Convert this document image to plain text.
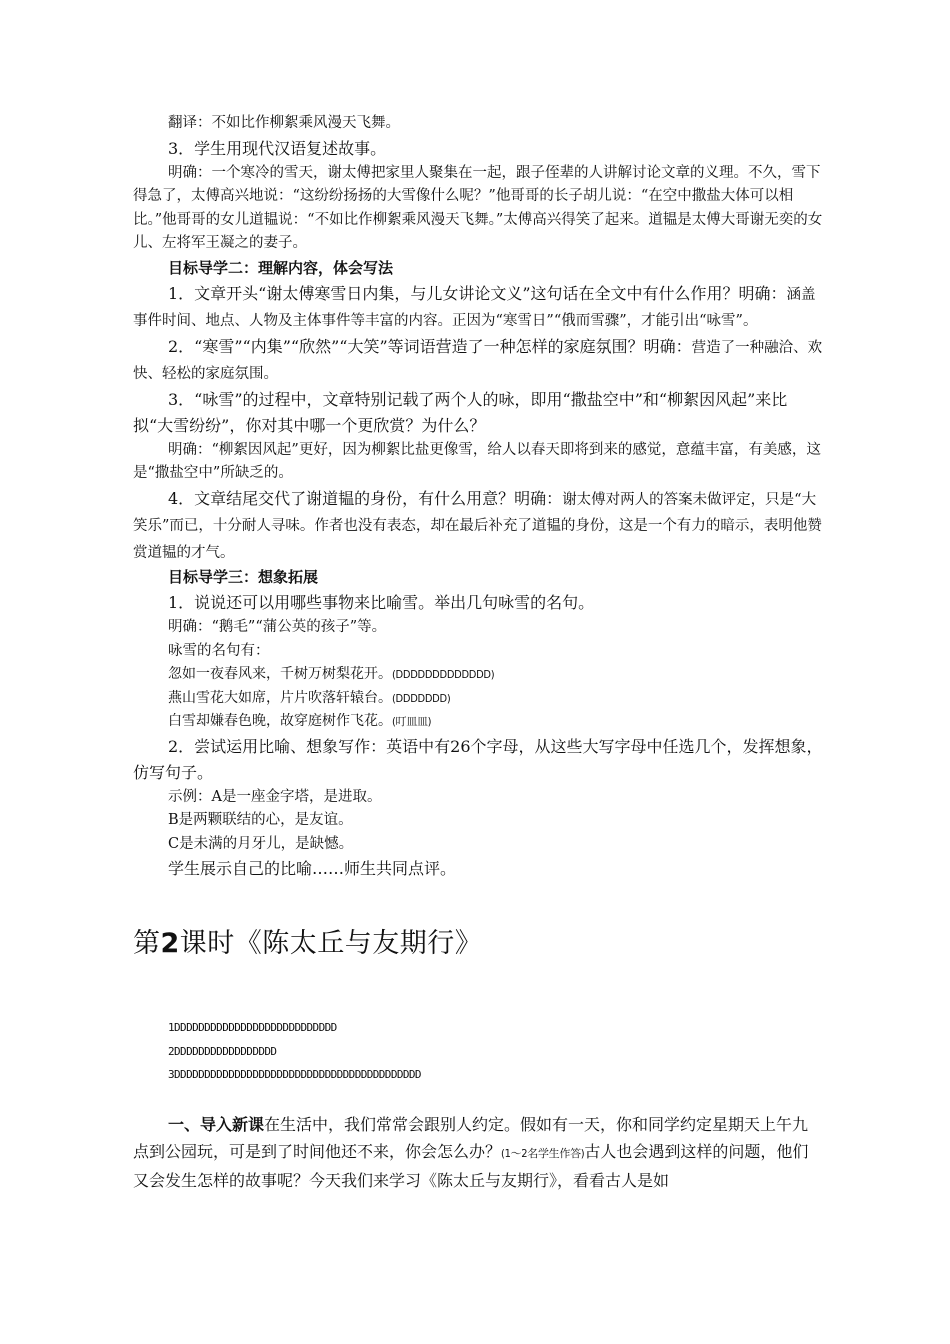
翻译：不如比作柳絮乘风漫天飞舞。

3．学生用现代汉语复述故事。

明确：一个寒冷的雪天，谢太傅把家里人聚集在一起，跟子侄辈的人讲解讨论文章的义理。不久，雪下得急了，太傅高兴地说：“这纷纷扬扬的大雪像什么呢？”他哥哥的长子胡儿说：“在空中撒盐大体可以相比。”他哥哥的女儿道韫说：“不如比作柳絮乘风漫天飞舞。”太傅高兴得笑了起来。道韫是太傅大哥谢无奕的女儿、左将军王凝之的妻子。

目标导学二：理解内容，体会写法

1．文章开头“谢太傅寒雪日内集，与儿女讲论文义”这句话在全文中有什么作用？明确：涵盖事件时间、地点、人物及主体事件等丰富的内容。正因为“寒雪日”“俄而雪骤”，才能引出“咏雪”。

2．“寒雪”“内集”“欣然”“大笑”等词语营造了一种怎样的家庭氛围？明确：营造了一种融洽、欢快、轻松的家庭氛围。

3．“咏雪”的过程中，文章特别记载了两个人的咏，即用“撒盐空中”和“柳絮因风起”来比拟“大雪纷纷”，你对其中哪一个更欣赏？为什么？

明确：“柳絮因风起”更好，因为柳絮比盐更像雪，给人以春天即将到来的感觉，意蕴丰富，有美感，这是“撒盐空中”所缺乏的。

4．文章结尾交代了谢道韫的身份，有什么用意？明确：谢太傅对两人的答案未做评定，只是“大笑乐”而已，十分耐人寻味。作者也没有表态，却在最后补充了道韫的身份，这是一个有力的暗示，表明他赞赏道韫的才气。

目标导学三：想象拓展

1．说说还可以用哪些事物来比喻雪。举出几句咏雪的名句。

明确：“鹅毛”“蒲公英的孩子”等。

咏雪的名句有：

忽如一夜春风来，千树万树梨花开。(DDDDDDDDDDDDD)

燕山雪花大如席，片片吹落轩辕台。(DDDDDDD)

白雪却嫌春色晚，故穿庭树作飞花。(叮皿皿)

2．尝试运用比喻、想象写作：英语中有26个字母，从这些大写字母中任选几个，发挥想象，仿写句子。

示例：A是一座金字塔，是进取。

B是两颗联结的心，是友谊。

C是未满的月牙儿，是缺憾。

学生展示自己的比喻……师生共同点评。

第2课时《陈太丘与友期行》

1DDDDDDDDDDDDDDDDDDDDDDDDDDD
2DDDDDDDDDDDDDDDDD
3DDDDDDDDDDDDDDDDDDDDDDDDDDDDDDDDDDDDDDDDD

一、导入新课在生活中，我们常常会跟别人约定。假如有一天，你和同学约定星期天上午九点到公园玩，可是到了时间他还不来，你会怎么办？(1～2名学生作答)古人也会遇到这样的问题，他们又会发生怎样的故事呢？今天我们来学习《陈太丘与友期行》，看看古人是如
